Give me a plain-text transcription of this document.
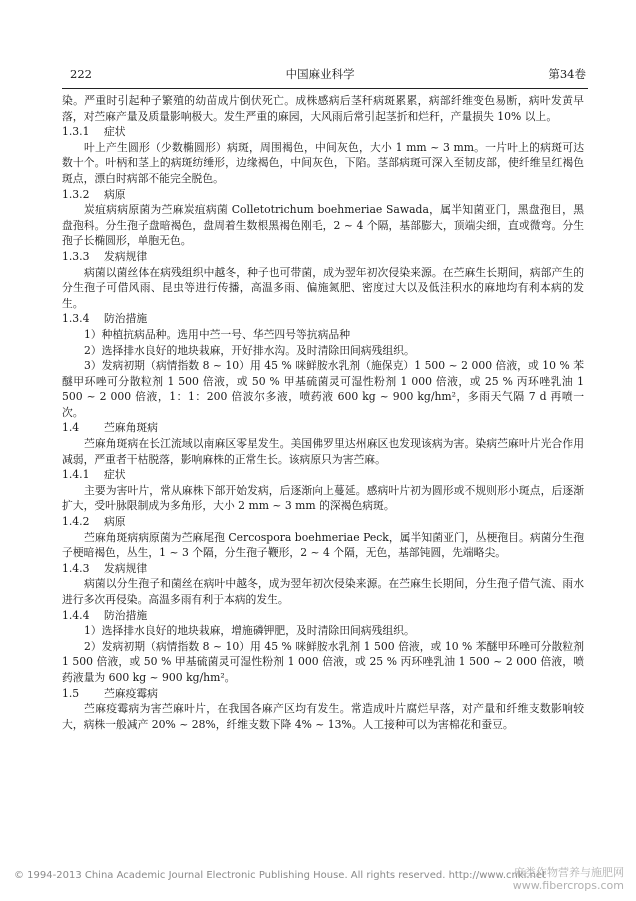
222	中国麻业科学	第34卷

染。严重时引起种子繁殖的幼苗成片倒伏死亡。成株感病后茎秆病斑累累，病部纤维变色易断，病叶发黄早落，对苎麻产量及质量影响极大。发生严重的麻园，大风雨后常引起茎折和烂秆，产量损失 10% 以上。

1.3.1 症状

叶上产生圆形（少数椭圆形）病斑，周围褐色，中间灰色，大小 1 mm ~ 3 mm。一片叶上的病斑可达数十个。叶柄和茎上的病斑纺缍形，边缘褐色，中间灰色，下陷。茎部病斑可深入至韧皮部，使纤维呈红褐色斑点，漂白时病部不能完全脱色。

1.3.2 病原

炭疽病病原菌为苎麻炭疽病菌 Colletotrichum boehmeriae Sawada，属半知菌亚门，黑盘孢目，黑盘孢科。分生孢子盘暗褐色，盘周着生数根黑褐色刚毛，2 ~ 4 个隔，基部膨大，顶端尖细，直或微弯。分生孢子长椭圆形，单胞无色。

1.3.3 发病规律

病菌以菌丝体在病残组织中越冬，种子也可带菌，成为翌年初次侵染来源。在苎麻生长期间，病部产生的分生孢子可借风雨、昆虫等进行传播，高温多雨、偏施氮肥、密度过大以及低洼积水的麻地均有利本病的发生。

1.3.4 防治措施

1）种植抗病品种。选用中苎一号、华苎四号等抗病品种

2）选择排水良好的地块栽麻，开好排水沟。及时清除田间病残组织。

3）发病初期（病情指数 8 ~ 10）用 45 % 咪鲜胺水乳剂（施保克）1 500 ~ 2 000 倍液，或 10 % 苯醚甲环唑可分散粒剂 1 500 倍液，或 50 % 甲基硫菌灵可湿性粉剂 1 000 倍液，或 25 % 丙环唑乳油 1 500 ~ 2 000 倍液，1：1：200 倍波尔多液，喷药液 600 kg ~ 900 kg/hm²，多雨天气隔 7 d 再喷一次。

1.4 苎麻角斑病

苎麻角斑病在长江流域以南麻区零星发生。美国佛罗里达州麻区也发现该病为害。染病苎麻叶片光合作用减弱，严重者干枯脱落，影响麻株的正常生长。该病原只为害苎麻。

1.4.1 症状

主要为害叶片，常从麻株下部开始发病，后逐渐向上蔓延。感病叶片初为圆形或不规则形小斑点，后逐渐扩大，受叶脉限制成为多角形，大小 2 mm ~ 3 mm 的深褐色病斑。

1.4.2 病原

苎麻角斑病病原菌为苎麻尾孢 Cercospora boehmeriae Peck，属半知菌亚门，丛梗孢目。病菌分生孢子梗暗褐色，丛生，1 ~ 3 个隔，分生孢子鞭形，2 ~ 4 个隔，无色，基部钝圆，先端略尖。

1.4.3 发病规律

病菌以分生孢子和菌丝在病叶中越冬，成为翌年初次侵染来源。在苎麻生长期间，分生孢子借气流、雨水进行多次再侵染。高温多雨有利于本病的发生。

1.4.4 防治措施

1）选择排水良好的地块栽麻，增施磷钾肥，及时清除田间病残组织。

2）发病初期（病情指数 8 ~ 10）用 45 % 咪鲜胺水乳剂 1 500 倍液，或 10 % 苯醚甲环唑可分散粒剂 1 500 倍液，或 50 % 甲基硫菌灵可湿性粉剂 1 000 倍液，或 25 % 丙环唑乳油 1 500 ~ 2 000 倍液，喷药液量为 600 kg ~ 900 kg/hm²。

1.5 苎麻疫霉病

苎麻疫霉病为害苎麻叶片，在我国各麻产区均有发生。常造成叶片腐烂早落，对产量和纤维支数影响较大，病株一般减产 20% ~ 28%，纤维支数下降 4% ~ 13%。人工接种可以为害棉花和蚕豆。

© 1994-2013 China Academic Journal Electronic Publishing House. All rights reserved. http://www.cnki.net
麻类作物营养与施肥网
www.fibercrops.com
